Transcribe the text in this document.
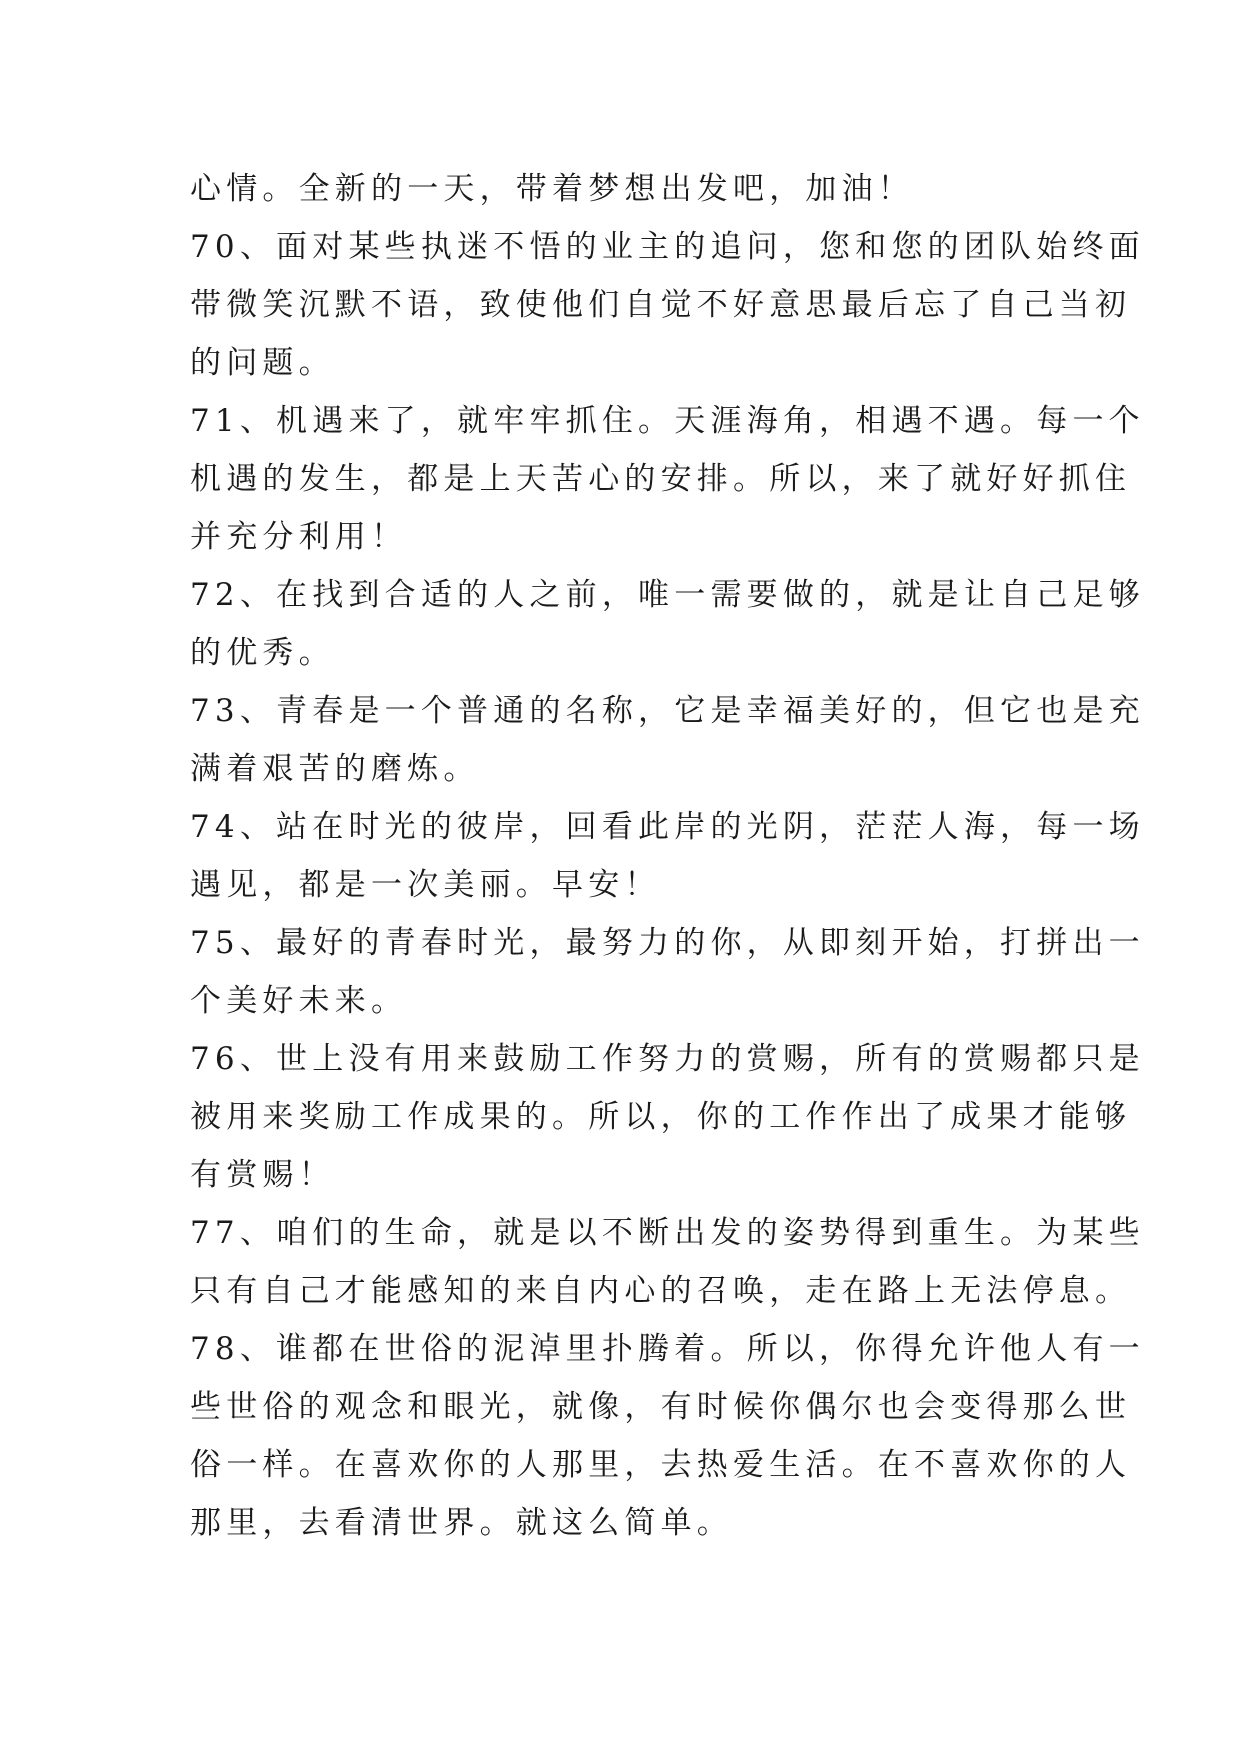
心情。全新的一天，带着梦想出发吧，加油！
70、面对某些执迷不悟的业主的追问，您和您的团队始终面
带微笑沉默不语，致使他们自觉不好意思最后忘了自己当初
的问题。
71、机遇来了，就牢牢抓住。天涯海角，相遇不遇。每一个
机遇的发生，都是上天苦心的安排。所以，来了就好好抓住
并充分利用！
72、在找到合适的人之前，唯一需要做的，就是让自己足够
的优秀。
73、青春是一个普通的名称，它是幸福美好的，但它也是充
满着艰苦的磨炼。
74、站在时光的彼岸，回看此岸的光阴，茫茫人海，每一场
遇见，都是一次美丽。早安！
75、最好的青春时光，最努力的你，从即刻开始，打拼出一
个美好未来。
76、世上没有用来鼓励工作努力的赏赐，所有的赏赐都只是
被用来奖励工作成果的。所以，你的工作作出了成果才能够
有赏赐！
77、咱们的生命，就是以不断出发的姿势得到重生。为某些
只有自己才能感知的来自内心的召唤，走在路上无法停息。
78、谁都在世俗的泥淖里扑腾着。所以，你得允许他人有一
些世俗的观念和眼光，就像，有时候你偶尔也会变得那么世
俗一样。在喜欢你的人那里，去热爱生活。在不喜欢你的人
那里，去看清世界。就这么简单。
